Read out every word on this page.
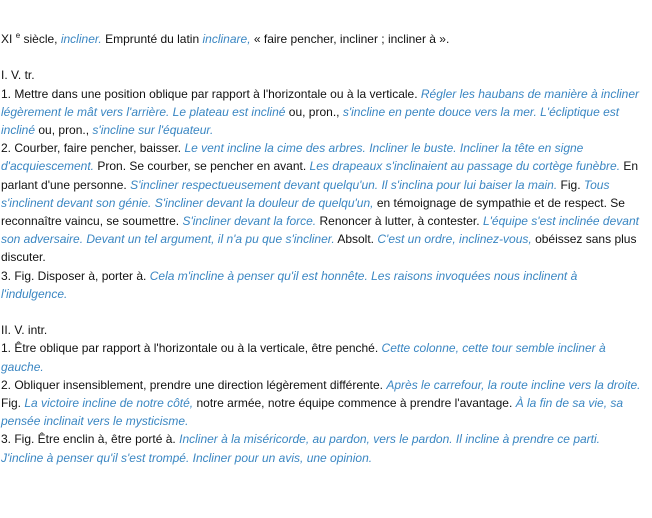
XI $^e$ siècle, incliner. Emprunté du latin inclinare, « faire pencher, incliner ; incliner à ».

I. V. tr.

1. Mettre dans une position oblique par rapport à l'horizontale ou à la verticale. Régler les haubans de manière à incliner légèrement le mât vers l'arrière. Le plateau est incliné ou, pron., s'incline en pente douce vers la mer. L'écliptique est incliné ou, pron., s'incline sur l'équateur.

2. Courber, faire pencher, baisser. Le vent incline la cime des arbres. Incliner le buste. Incliner la tête en signe d'acquiescement. Pron. Se courber, se pencher en avant. Les drapeaux s'inclinaient au passage du cortège funèbre. En parlant d'une personne. S'incliner respectueusement devant quelqu'un. Il s'inclina pour lui baiser la main. Fig. Tous s'inclinent devant son génie. S'incliner devant la douleur de quelqu'un, en témoignage de sympathie et de respect. Se reconnaître vaincu, se soumettre. S'incliner devant la force. Renoncer à lutter, à contester. L'équipe s'est inclinée devant son adversaire. Devant un tel argument, il n'a pu que s'incliner. Absolt. C'est un ordre, inclinez-vous, obéissez sans plus discuter.

3. Fig. Disposer à, porter à. Cela m'incline à penser qu'il est honnête. Les raisons invoquées nous inclinent à l'indulgence.

II. V. intr.

1. Être oblique par rapport à l'horizontale ou à la verticale, être penché. Cette colonne, cette tour semble incliner à gauche.

2. Obliquer insensiblement, prendre une direction légèrement différente. Après le carrefour, la route incline vers la droite. Fig. La victoire incline de notre côté, notre armée, notre équipe commence à prendre l'avantage. À la fin de sa vie, sa pensée inclinait vers le mysticisme.

3. Fig. Être enclin à, être porté à. Incliner à la miséricorde, au pardon, vers le pardon. Il incline à prendre ce parti. J'incline à penser qu'il s'est trompé. Incliner pour un avis, une opinion.
